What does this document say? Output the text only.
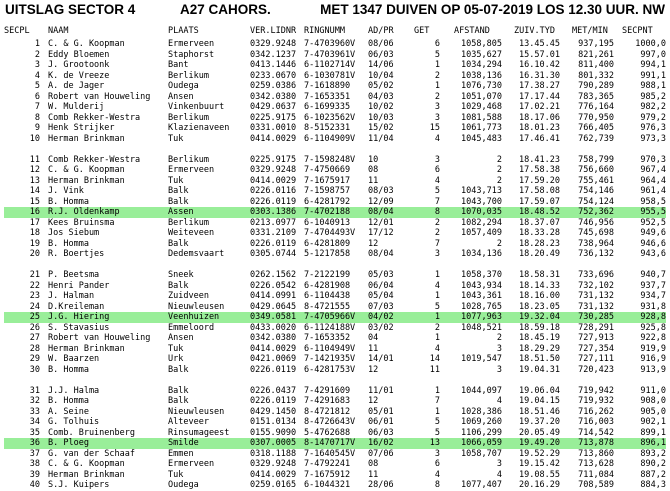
UITSLAG SECTOR 4	A27 CAHORS.	MET 1347 DUIVEN OP 05-07-2019 LOS 12.30 UUR. NW
SECPL NAAM	PLAATS	VER.LIDNR RINGNUMM	AD/PR GET	AFSTAND	ZUIV.TYD MET/MIN SECPNT
1 C. & G. Koopman	Ermerveen	0329.9248 7-4703960V 08/06	6	1058,805	13.45.45	937,195	1000,0
2 Eddy Bloemen	Staphorst	0342.1237 7-4703961V 06/03	5	1035,627	15.57.01	821,261	997,0
3 J. Grootoonk	Bant	0413.1446 6-1102714V 14/06	1	1034,294	16.10.42	811,400	994,1
4 K. de Vreeze	Berlikum	0233.0670 6-1030781V 10/04	2	1038,136	16.31.30	801,332	991,1
5 A. de Jager	Oudega	0259.0386 7-1618890 05/02	1	1076,730	17.38.27	790,289	988,1
6 Robert van Houweling Ansen	0342.0380 7-1653351 04/03	2	1051,070	17.17.44	783,365	985,2
7 W. Mulderij	Vinkenbuurt	0429.0637 6-1699335 10/02	3	1029,468	17.02.21	776,164	982,2
8 Comb Rekker-Westra	Berlikum	0225.9175 6-1023562V 10/03	3	1081,588	18.17.06	770,950	979,2
9 Henk Strijker	Klazienaveen 0331.0010 8-5152331 15/02	15	1061,773	18.01.23	766,405	976,3
10 Herman Brinkman	Tuk	0414.0029 6-1104909V 11/04	4	1045,483	17.46.41	762,739	973,3
11 Comb Rekker-Westra	Berlikum	0225.9175 7-1598248V 10	3	2	18.41.23	758,799	970,3
12 C. & G. Koopman	Ermerveen	0329.9248 7-4750669 08	6	2	17.58.38	756,660	967,4
13 Herman Brinkman	Tuk	0414.0029 7-1675917 11	4	2	17.59.20	755,461	964,4
14 J. Vink	Balk	0226.0116 7-1598757 08/03	5	1043,713	17.58.08	754,146	961,4
15 B. Homma	Balk	0226.0119 6-4281792 12/09	7	1043,700	17.59.07	754,124	958,5
16 R.J. Oldenkamp	Assen	0303.1386 7-4702188 08/04	8	1070,035	18.48.52	752,362	955,5
17 Kees Bruinsma	Berlikum	0213.0977 6-1040913 12/01	2	1082,294	18.37.07	746,956	952,5
18 Jos Siebum	Weiteveen	0331.2109 7-4704493V 17/12	2	1057,409	18.33.28	745,698	949,6
19 B. Homma	Balk	0226.0119 6-4281809 12	7	2	18.28.23	738,964	946,6
20 R. Boertjes	Dedemsvaart	0305.0744 5-1217858 08/04	3	1034,136	18.20.49	736,132	943,6
21 P. Beetsma	Sneek	0262.1562 7-2122199 05/03	1	1058,370	18.58.31	733,696	940,7
22 Henri Pander	Balk	0226.0542 6-4281908 06/04	4	1043,934	18.14.33	732,102	937,7
23 J. Halman	Zuidveen	0414.0991 6-1104438 05/04	1	1043,361	18.16.00	731,132	934,7
24 D.Kreileman	Nieuwleusen	0429.0645 8-4721555 07/03	5	1028,765	18.23.05	731,132	931,8
25 J.G. Hiering	Veenhuizen	0349.0581 7-4705966V 04/02	1	1077,963	19.32.04	730,285	928,8
26 S. Stavasius	Emmeloord	0433.0020 6-1124188V 03/02	2	1048,521	18.59.18	728,291	925,8
27 Robert van Houweling Ansen	0342.0380 7-1653352 04	1	2	18.45.19	727,913	922,8
28 Herman Brinkman	Tuk	0414.0029 6-1104949V 11	4	3	18.29.29	727,354	919,9
29 W. Baarzen	Urk	0421.0069 7-1421935V 14/01	14	1019,547	18.51.50	727,111	916,9
30 B. Homma	Balk	0226.0119 6-4281753V 12	11	3	19.04.31	720,423	913,9
31 J.J. Halma	Balk	0226.0437 7-4291609 11/01	1	1044,097	19.06.04	719,942	911,0
32 B. Homma	Balk	0226.0119 7-4291683 12	7	4	19.04.15	719,932	908,0
33 A. Seine	Nieuwleusen	0429.1450 8-4721812 05/01	1	1028,386	18.51.46	716,262	905,0
34 G. Tolhuis	Alteveer	0151.0134 8-4726643V 06/01	5	1069,260	19.37.20	716,003	902,1
35 Comb. Bruinenberg	Rinsumageest 0155.9090 5-4762688 06/03	5	1106,299	20.05.49	714,542	899,1
36 B. Ploeg	Smilde	0307.0005 8-1470717V 16/02	13	1066,059	19.49.20	713,878	896,1
37 G. van der Schaaf	Emmen	0318.1188 7-1640545V 07/06	3	1058,707	19.52.29	713,860	893,2
38 C. & G. Koopman	Ermerveen	0329.9248 7-4792241 08	6	3	19.15.42	713,628	890,2
39 Herman Brinkman	Tuk	0414.0029 7-1675912 11	4	4	19.08.55	711,084	887,2
40 S.J. Kuipers	Oudega	0259.0165 6-1044321 28/06	8	1077,407	20.16.29	708,589	884,3
